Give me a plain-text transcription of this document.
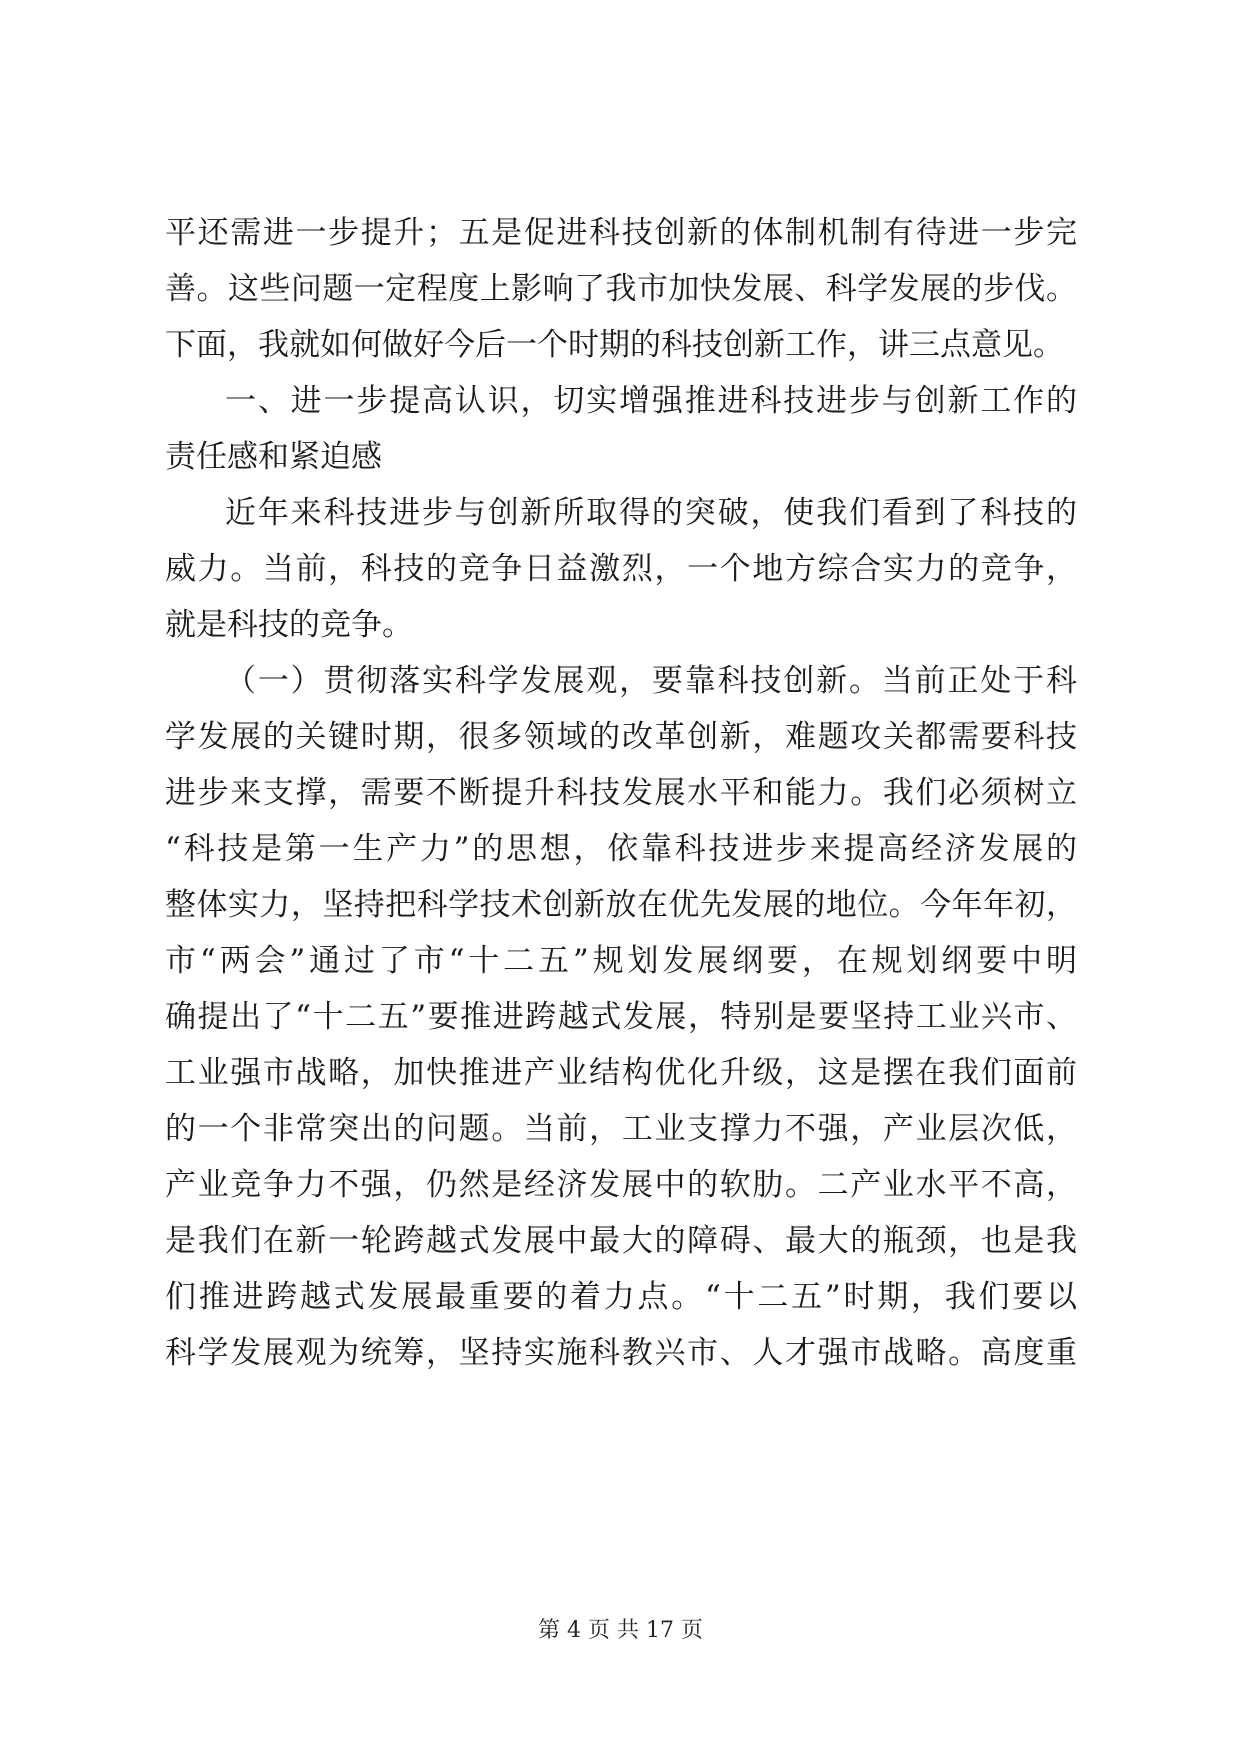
平还需进一步提升；五是促进科技创新的体制机制有待进一步完
善。这些问题一定程度上影响了我市加快发展、科学发展的步伐。
下面，我就如何做好今后一个时期的科技创新工作，讲三点意见。
一、进一步提高认识，切实增强推进科技进步与创新工作的
责任感和紧迫感
近年来科技进步与创新所取得的突破，使我们看到了科技的
威力。当前，科技的竞争日益激烈，一个地方综合实力的竞争，
就是科技的竞争。
（一）贯彻落实科学发展观，要靠科技创新。当前正处于科
学发展的关键时期，很多领域的改革创新，难题攻关都需要科技
进步来支撑，需要不断提升科技发展水平和能力。我们必须树立
“科技是第一生产力”的思想，依靠科技进步来提高经济发展的
整体实力，坚持把科学技术创新放在优先发展的地位。今年年初，
市“两会”通过了市“十二五”规划发展纲要，在规划纲要中明
确提出了“十二五”要推进跨越式发展，特别是要坚持工业兴市、
工业强市战略，加快推进产业结构优化升级，这是摆在我们面前
的一个非常突出的问题。当前，工业支撑力不强，产业层次低，
产业竞争力不强，仍然是经济发展中的软肋。二产业水平不高，
是我们在新一轮跨越式发展中最大的障碍、最大的瓶颈，也是我
们推进跨越式发展最重要的着力点。“十二五”时期，我们要以
科学发展观为统筹，坚持实施科教兴市、人才强市战略。高度重
第 4 页 共 17 页
